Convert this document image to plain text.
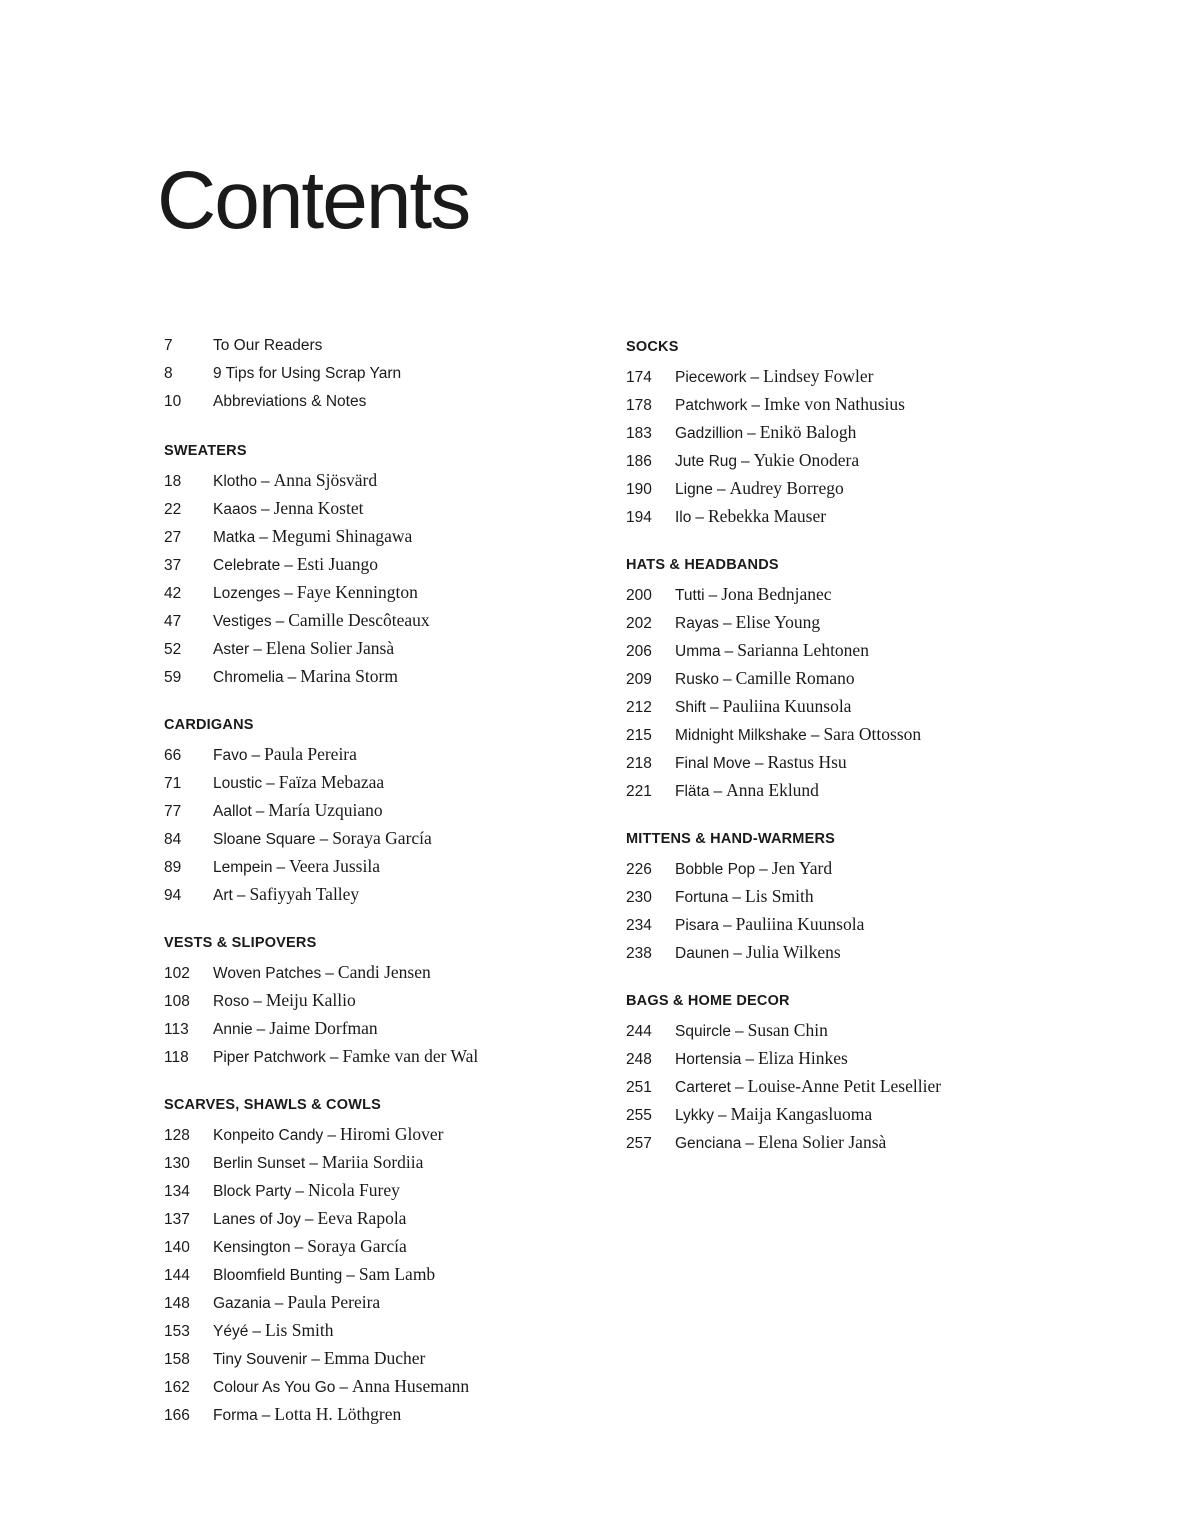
Contents
7	To Our Readers
8	9 Tips for Using Scrap Yarn
10	Abbreviations & Notes
SWEATERS
18	Klotho – Anna Sjösvärd
22	Kaaos – Jenna Kostet
27	Matka – Megumi Shinagawa
37	Celebrate – Esti Juango
42	Lozenges – Faye Kennington
47	Vestiges – Camille Descôteaux
52	Aster – Elena Solier Jansà
59	Chromelia – Marina Storm
CARDIGANS
66	Favo – Paula Pereira
71	Loustic – Faïza Mebazaa
77	Aallot – María Uzquiano
84	Sloane Square – Soraya García
89	Lempein – Veera Jussila
94	Art – Safiyyah Talley
VESTS & SLIPOVERS
102	Woven Patches – Candi Jensen
108	Roso – Meiju Kallio
113	Annie – Jaime Dorfman
118	Piper Patchwork – Famke van der Wal
SCARVES, SHAWLS & COWLS
128	Konpeito Candy – Hiromi Glover
130	Berlin Sunset – Mariia Sordiia
134	Block Party – Nicola Furey
137	Lanes of Joy – Eeva Rapola
140	Kensington – Soraya García
144	Bloomfield Bunting – Sam Lamb
148	Gazania – Paula Pereira
153	Yéyé – Lis Smith
158	Tiny Souvenir – Emma Ducher
162	Colour As You Go – Anna Husemann
166	Forma – Lotta H. Löthgren
SOCKS
174	Piecework – Lindsey Fowler
178	Patchwork – Imke von Nathusius
183	Gadzillion – Enikö Balogh
186	Jute Rug – Yukie Onodera
190	Ligne – Audrey Borrego
194	Ilo – Rebekka Mauser
HATS & HEADBANDS
200	Tutti – Jona Bednjanec
202	Rayas – Elise Young
206	Umma – Sarianna Lehtonen
209	Rusko – Camille Romano
212	Shift – Pauliina Kuunsola
215	Midnight Milkshake – Sara Ottosson
218	Final Move – Rastus Hsu
221	Fläta – Anna Eklund
MITTENS & HAND-WARMERS
226	Bobble Pop – Jen Yard
230	Fortuna – Lis Smith
234	Pisara – Pauliina Kuunsola
238	Daunen – Julia Wilkens
BAGS & HOME DECOR
244	Squircle – Susan Chin
248	Hortensia – Eliza Hinkes
251	Carteret – Louise-Anne Petit Lesellier
255	Lykky – Maija Kangasluoma
257	Genciana – Elena Solier Jansà
